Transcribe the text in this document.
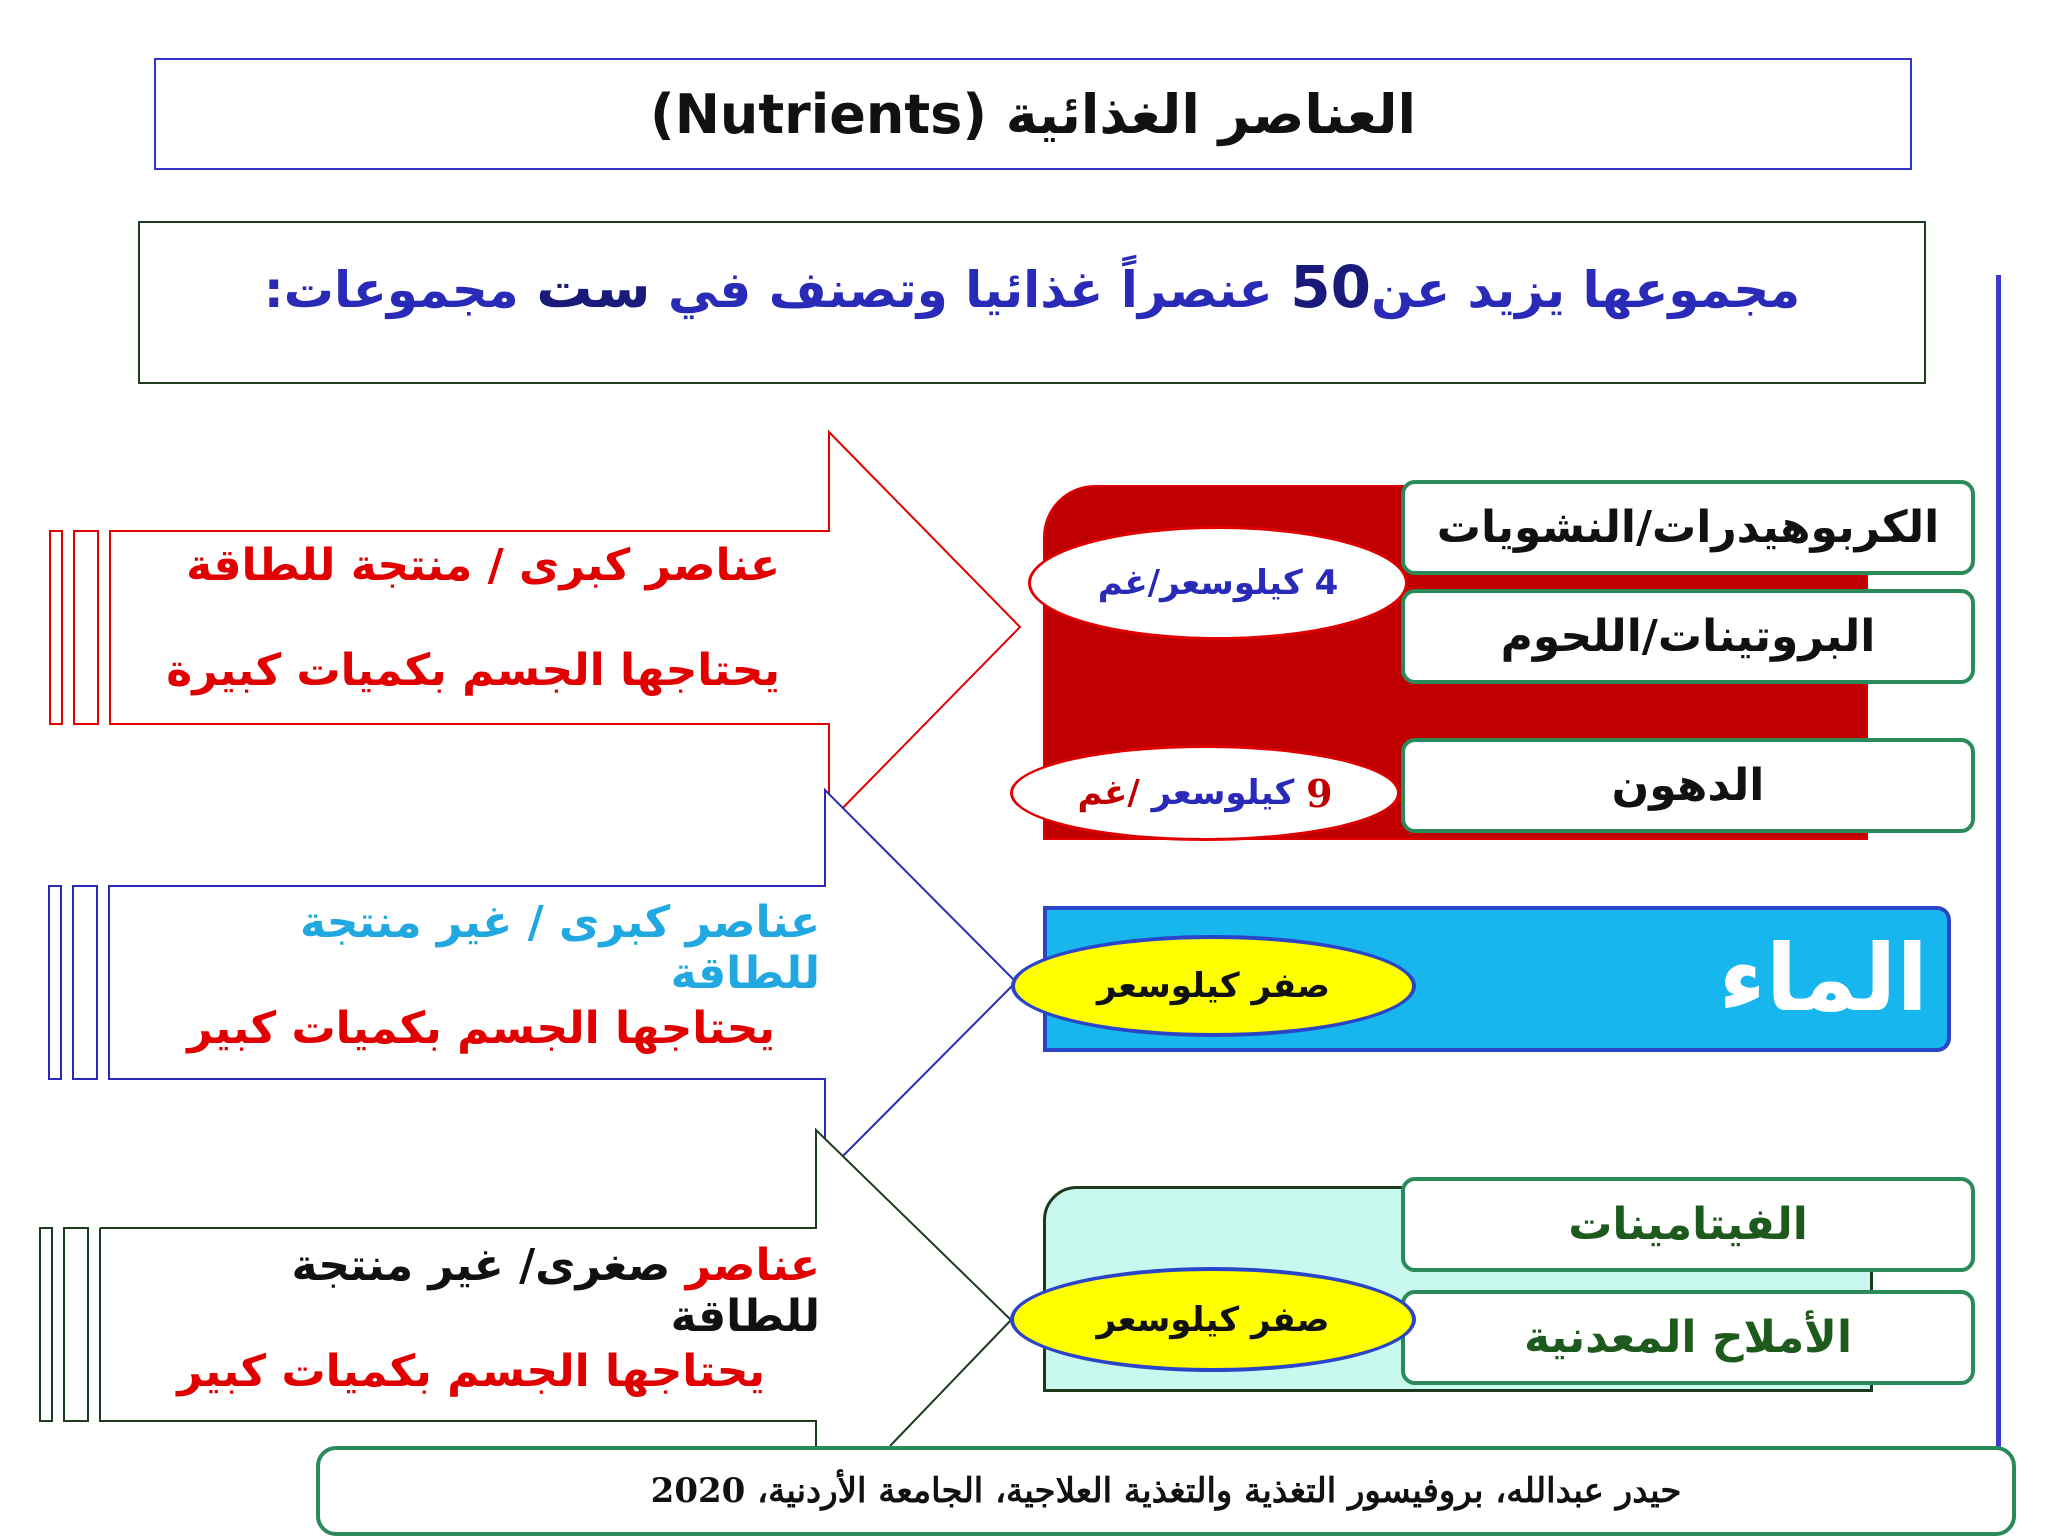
العناصر الغذائية (Nutrients)
مجموعها يزيد عن50 عنصراً غذائيا وتصنف في ست مجموعات:
الماء
الكربوهيدرات/النشويات
البروتينات/اللحوم
الدهون
الفيتامينات
الأملاح المعدنية
4 كيلوسعر/غم
9

كيلوسعر

/غم
صفر كيلوسعر
صفر كيلوسعر
عناصر كبرى / منتجة للطاقة
يحتاجها الجسم بكميات كبيرة
عناصر كبرى / غير منتجة للطاقة
يحتاجها الجسم بكميات كبير
عناصر صغرى/ غير منتجة للطاقة
يحتاجها الجسم بكميات كبير
حيدر عبدالله، بروفيسور التغذية والتغذية العلاجية، الجامعة الأردنية، 2020
